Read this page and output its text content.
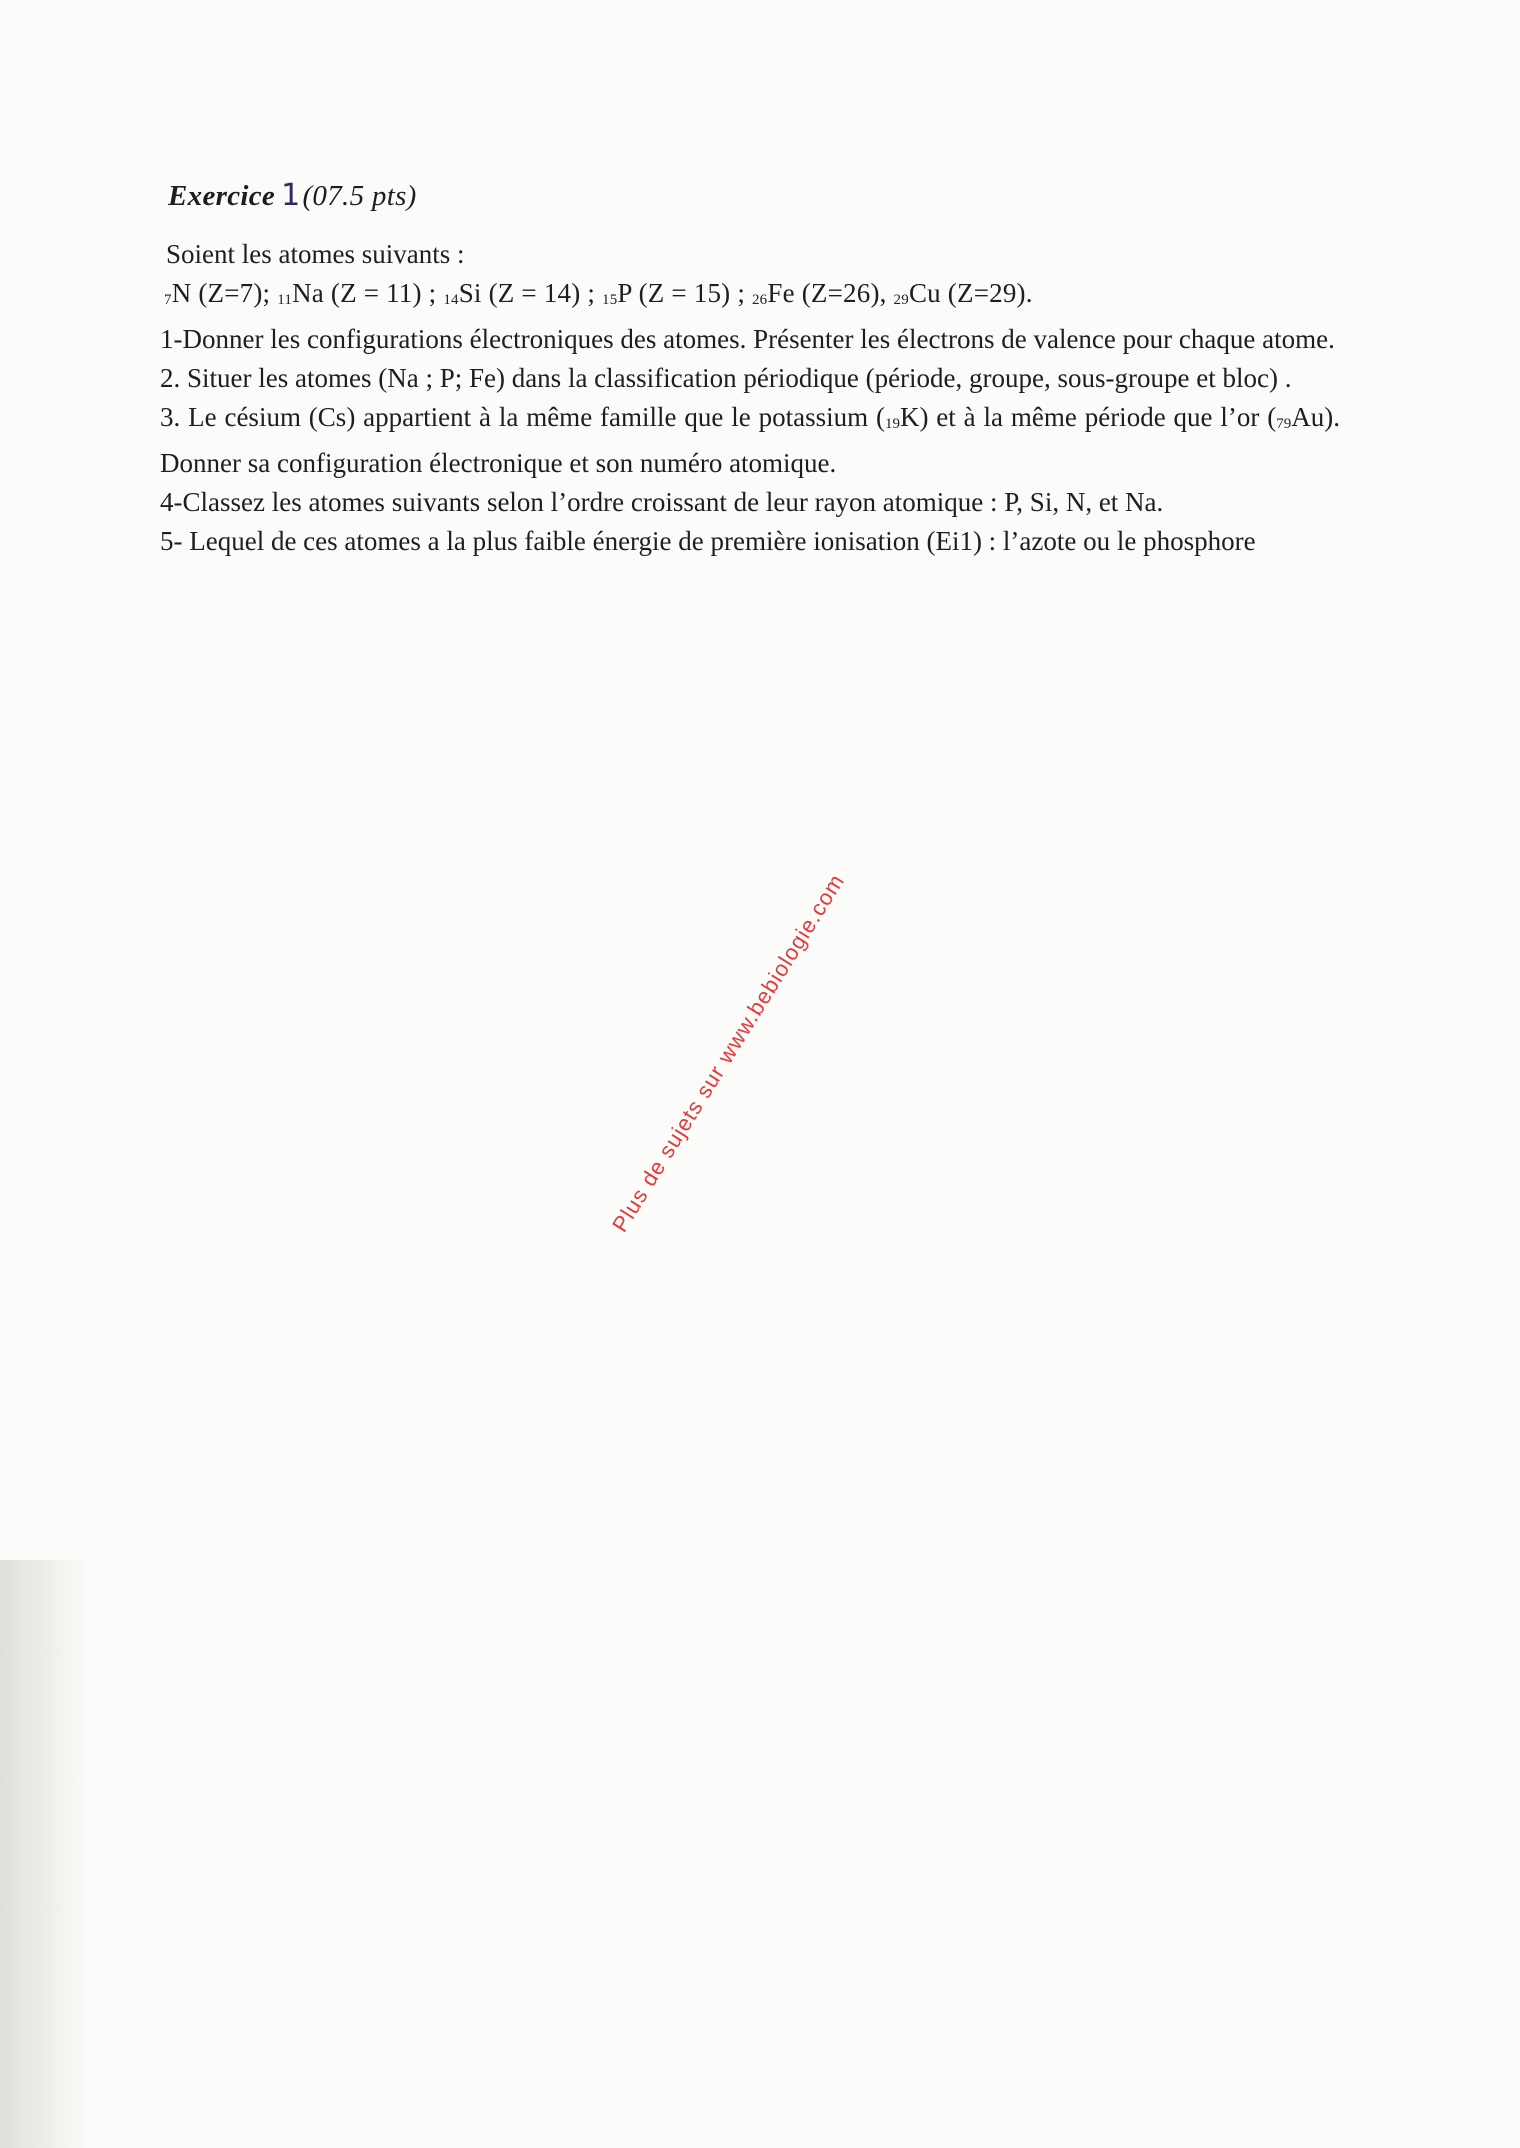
Exercice 1(07.5 pts)

Soient les atomes suivants :

$_7$N (Z=7); $_{11}$Na (Z = 11) ; $_{14}$Si (Z = 14) ; $_{15}$P (Z = 15) ; $_{26}$Fe (Z=26), $_{29}$Cu (Z=29).

1-Donner les configurations électroniques des atomes. Présenter les électrons de valence pour chaque atome.

2. Situer les atomes (Na ; P; Fe) dans la classification périodique (période, groupe, sous-groupe et bloc) .

3. Le césium (Cs) appartient à la même famille que le potassium $(_{19}K)$ et à la même période que l’or $(_{79}Au)$. Donner sa configuration électronique et son numéro atomique.

4-Classez les atomes suivants selon l’ordre croissant de leur rayon atomique : P, Si, N, et Na.

5- Lequel de ces atomes a la plus faible énergie de première ionisation (Ei1) : l’azote ou le phosphore

Plus de sujets sur www.bebiologie.com
